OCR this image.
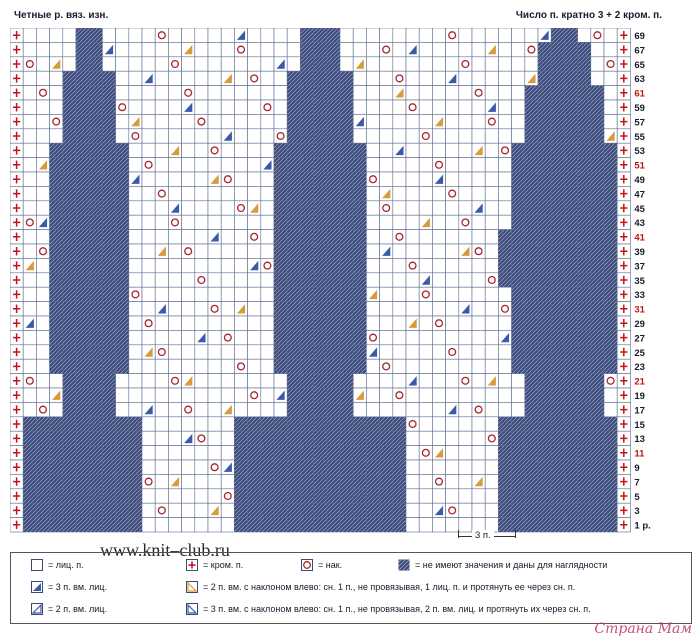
Четные р. вяз. изн.	Число п. кратно 3 + 2 кром. п.
69
67
65
63
61
59
57
55
53
51
49
47
45
43
41
39
37
35
33
31
29
27
25
23
21
19
17
15
13
11
9
7
5
3
1 р.
3 п.
www.knit–club.ru
= лиц. п.	= кром. п.	= нак.	= не имеют значения и даны для наглядности
= 3 п. вм. лиц.	= 2 п. вм. с наклоном влево: сн. 1 п., не провязывая, 1 лиц. п. и протянуть ее через сн. п.
= 2 п. вм. лиц.	= 3 п. вм. с наклоном влево: сн. 1 п., не провязывая, 2 п. вм. лиц. и протянуть их через сн. п.
Страна Мам
